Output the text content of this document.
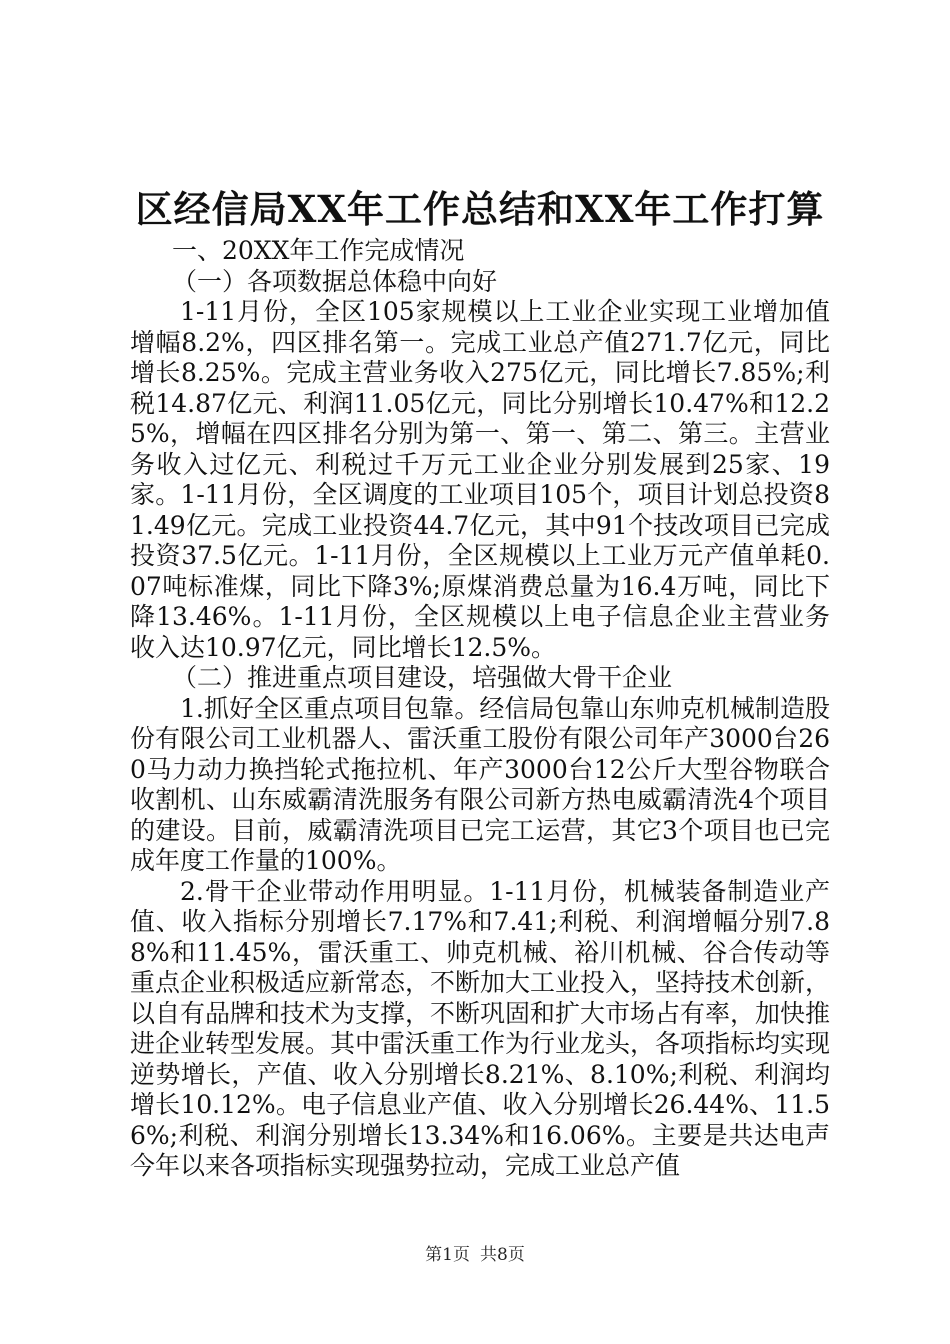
区经信局XX年工作总结和XX年工作打算

一、20XX年工作完成情况

（一）各项数据总体稳中向好

1-11月份，全区105家规模以上工业企业实现工业增加值增幅8.2%，四区排名第一。完成工业总产值271.7亿元，同比增长8.25%。完成主营业务收入275亿元，同比增长7.85%;利税14.87亿元、利润11.05亿元，同比分别增长10.47%和12.25%，增幅在四区排名分别为第一、第一、第二、第三。主营业务收入过亿元、利税过千万元工业企业分别发展到25家、19家。1-11月份，全区调度的工业项目105个，项目计划总投资81.49亿元。完成工业投资44.7亿元，其中91个技改项目已完成投资37.5亿元。1-11月份，全区规模以上工业万元产值单耗0.07吨标准煤，同比下降3%;原煤消费总量为16.4万吨，同比下降13.46%。1-11月份，全区规模以上电子信息企业主营业务收入达10.97亿元，同比增长12.5%。

（二）推进重点项目建设，培强做大骨干企业

1.抓好全区重点项目包靠。经信局包靠山东帅克机械制造股份有限公司工业机器人、雷沃重工股份有限公司年产3000台260马力动力换挡轮式拖拉机、年产3000台12公斤大型谷物联合收割机、山东威霸清洗服务有限公司新方热电威霸清洗4个项目的建设。目前，威霸清洗项目已完工运营，其它3个项目也已完成年度工作量的100%。

2.骨干企业带动作用明显。1-11月份，机械装备制造业产值、收入指标分别增长7.17%和7.41;利税、利润增幅分别7.88%和11.45%，雷沃重工、帅克机械、裕川机械、谷合传动等重点企业积极适应新常态，不断加大工业投入，坚持技术创新，以自有品牌和技术为支撑，不断巩固和扩大市场占有率，加快推进企业转型发展。其中雷沃重工作为行业龙头，各项指标均实现逆势增长，产值、收入分别增长8.21%、8.10%;利税、利润均增长10.12%。电子信息业产值、收入分别增长26.44%、11.56%;利税、利润分别增长13.34%和16.06%。主要是共达电声今年以来各项指标实现强势拉动，完成工业总产值

第1页 共8页
